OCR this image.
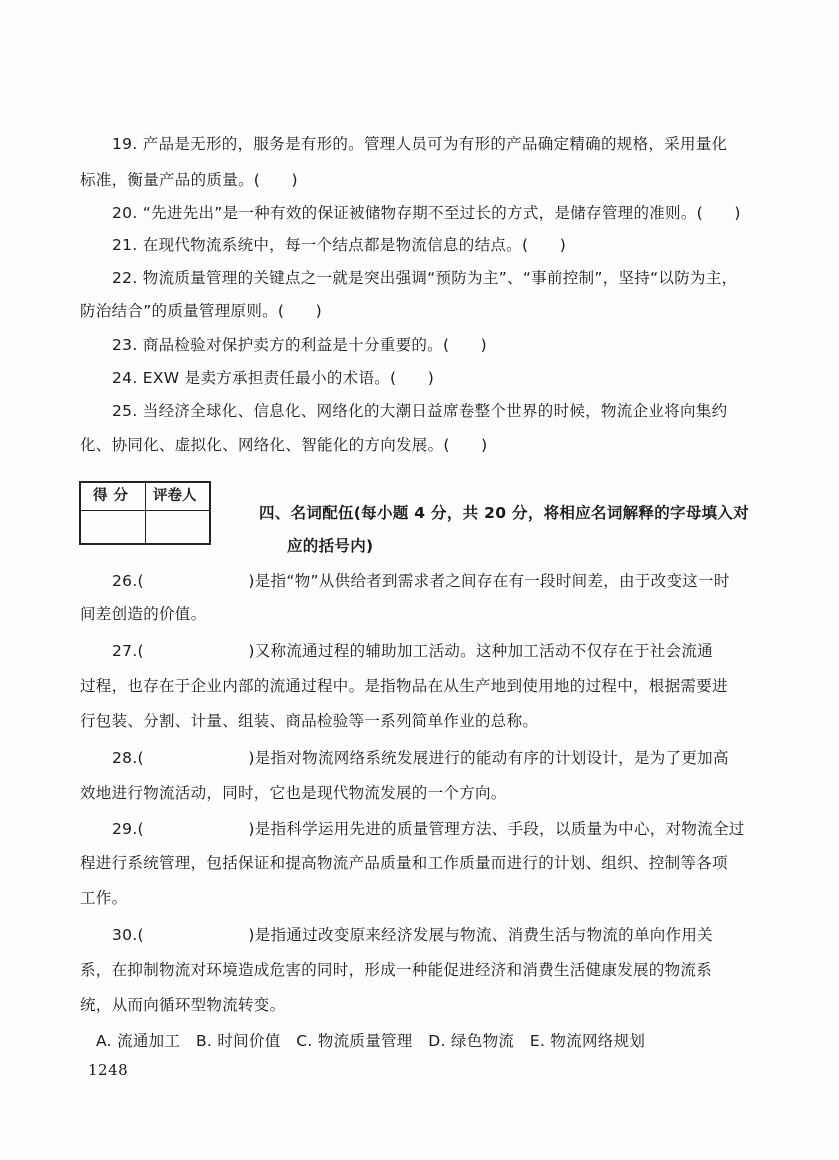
19. 产品是无形的，服务是有形的。管理人员可为有形的产品确定精确的规格，采用量化
标准，衡量产品的质量。(      )
20. “先进先出”是一种有效的保证被储物存期不至过长的方式，是储存管理的准则。(      )
21. 在现代物流系统中，每一个结点都是物流信息的结点。(      )
22. 物流质量管理的关键点之一就是突出强调“预防为主”、“事前控制”，坚持“以防为主，
防治结合”的质量管理原则。(      )
23. 商品检验对保护卖方的利益是十分重要的。(      )
24. EXW 是卖方承担责任最小的术语。(      )
25. 当经济全球化、信息化、网络化的大潮日益席卷整个世界的时候，物流企业将向集约
化、协同化、虚拟化、网络化、智能化的方向发展。(      )
得分 评卷人
四、名词配伍(每小题 4 分，共 20 分，将相应名词解释的字母填入对
应的括号内)
26.(                    )是指“物”从供给者到需求者之间存在有一段时间差，由于改变这一时
间差创造的价值。
27.(                    )又称流通过程的辅助加工活动。这种加工活动不仅存在于社会流通
过程，也存在于企业内部的流通过程中。是指物品在从生产地到使用地的过程中，根据需要进
行包装、分割、计量、组装、商品检验等一系列简单作业的总称。
28.(                    )是指对物流网络系统发展进行的能动有序的计划设计，是为了更加高
效地进行物流活动，同时，它也是现代物流发展的一个方向。
29.(                    )是指科学运用先进的质量管理方法、手段，以质量为中心，对物流全过
程进行系统管理，包括保证和提高物流产品质量和工作质量而进行的计划、组织、控制等各项
工作。
30.(                    )是指通过改变原来经济发展与物流、消费生活与物流的单向作用关
系，在抑制物流对环境造成危害的同时，形成一种能促进经济和消费生活健康发展的物流系
统，从而向循环型物流转变。
A. 流通加工   B. 时间价值   C. 物流质量管理   D. 绿色物流   E. 物流网络规划
1248
